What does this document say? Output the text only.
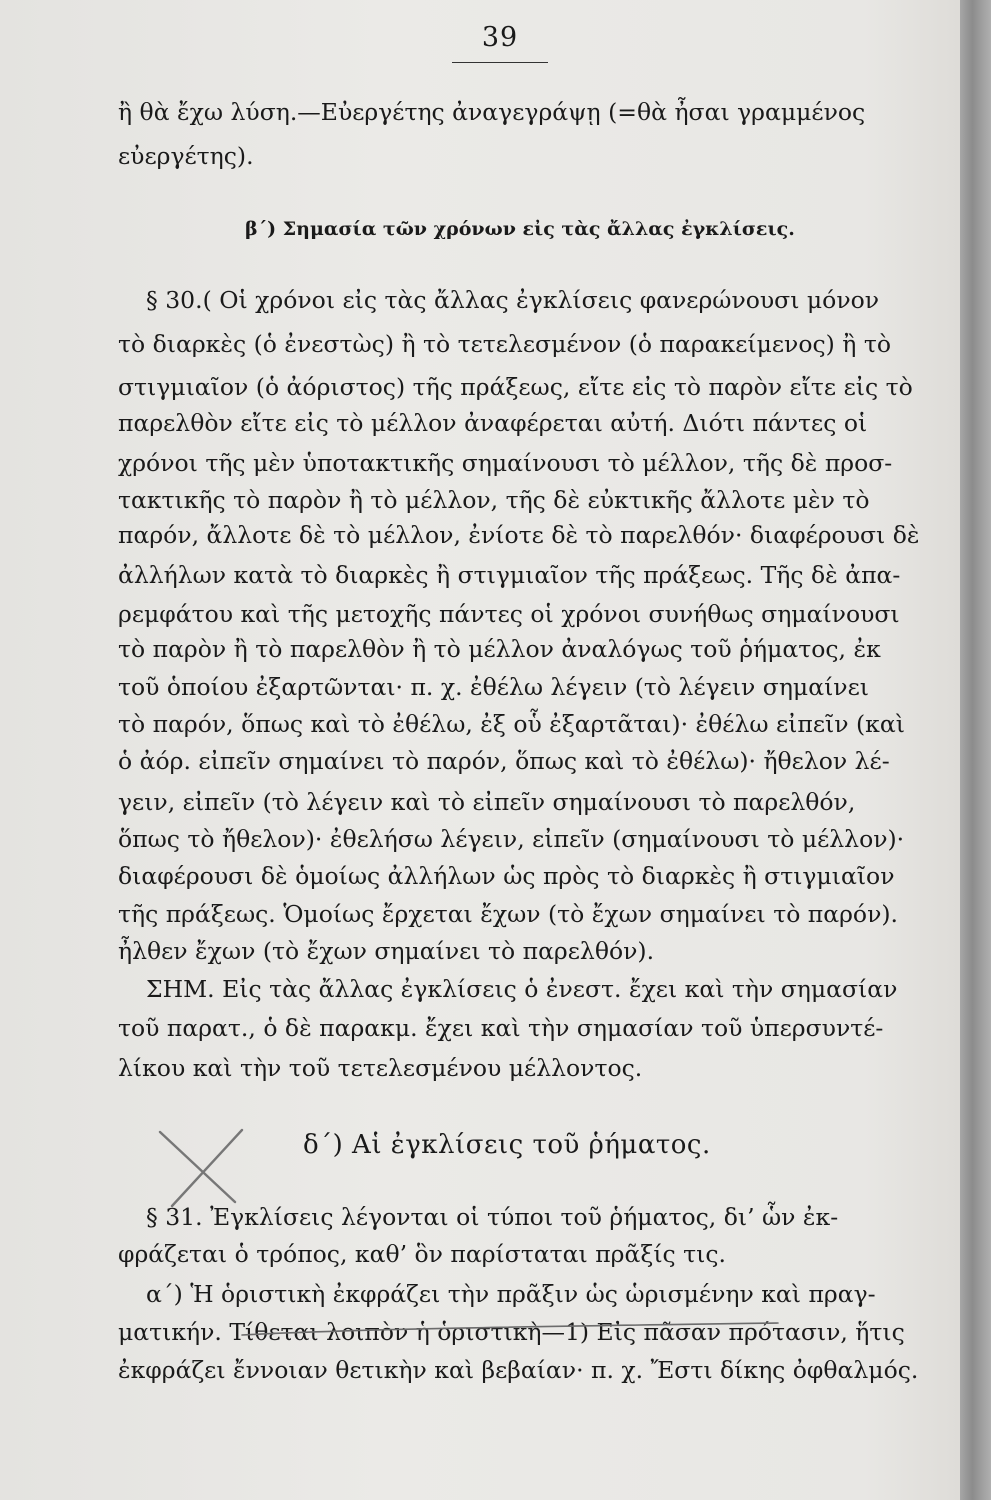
39
ἢ θὰ ἔχω λύση.—Εὐεργέτης ἀναγεγράψῃ (=θὰ ἦσαι γραμμένος
εὐεργέτης).
β´) Σημασία τῶν χρόνων εἰς τὰς ἄλλας ἐγκλίσεις.
§ 30.( Οἱ χρόνοι εἰς τὰς ἄλλας ἐγκλίσεις φανερώνουσι μόνον
τὸ διαρκὲς (ὁ ἐνεστὼς) ἢ τὸ τετελεσμένον (ὁ παρακείμενος) ἢ τὸ
στιγμιαῖον (ὁ ἀόριστος) τῆς πράξεως, εἴτε εἰς τὸ παρὸν εἴτε εἰς τὸ
παρελθὸν εἴτε εἰς τὸ μέλλον ἀναφέρεται αὐτή. Διότι πάντες οἱ
χρόνοι τῆς μὲν ὑποτακτικῆς σημαίνουσι τὸ μέλλον, τῆς δὲ προσ-
τακτικῆς τὸ παρὸν ἢ τὸ μέλλον, τῆς δὲ εὐκτικῆς ἄλλοτε μὲν τὸ
παρόν, ἄλλοτε δὲ τὸ μέλλον, ἐνίοτε δὲ τὸ παρελθόν· διαφέρουσι δὲ
ἀλλήλων κατὰ τὸ διαρκὲς ἢ στιγμιαῖον τῆς πράξεως. Τῆς δὲ ἀπα-
ρεμφάτου καὶ τῆς μετοχῆς πάντες οἱ χρόνοι συνήθως σημαίνουσι
τὸ παρὸν ἢ τὸ παρελθὸν ἢ τὸ μέλλον ἀναλόγως τοῦ ῥήματος, ἐκ
τοῦ ὁποίου ἐξαρτῶνται· π. χ. ἐθέλω λέγειν (τὸ λέγειν σημαίνει
τὸ παρόν, ὅπως καὶ τὸ ἐθέλω, ἐξ οὗ ἐξαρτᾶται)· ἐθέλω εἰπεῖν (καὶ
ὁ ἀόρ. εἰπεῖν σημαίνει τὸ παρόν, ὅπως καὶ τὸ ἐθέλω)· ἤθελον λέ-
γειν, εἰπεῖν (τὸ λέγειν καὶ τὸ εἰπεῖν σημαίνουσι τὸ παρελθόν,
ὅπως τὸ ἤθελον)· ἐθελήσω λέγειν, εἰπεῖν (σημαίνουσι τὸ μέλλον)·
διαφέρουσι δὲ ὁμοίως ἀλλήλων ὡς πρὸς τὸ διαρκὲς ἢ στιγμιαῖον
τῆς πράξεως. Ὁμοίως ἔρχεται ἔχων (τὸ ἔχων σημαίνει τὸ παρόν).
ἦλθεν ἔχων (τὸ ἔχων σημαίνει τὸ παρελθόν).
ΣΗΜ. Εἰς τὰς ἄλλας ἐγκλίσεις ὁ ἐνεστ. ἔχει καὶ τὴν σημασίαν
τοῦ παρατ., ὁ δὲ παρακμ. ἔχει καὶ τὴν σημασίαν τοῦ ὑπερσυντέ-
λίκου καὶ τὴν τοῦ τετελεσμένου μέλλοντος.
δ´) Αἱ ἐγκλίσεις τοῦ ῥήματος.
§ 31. Ἐγκλίσεις λέγονται οἱ τύποι τοῦ ῥήματος, δι’ ὧν ἐκ-
φράζεται ὁ τρόπος, καθ’ ὃν παρίσταται πρᾶξίς τις.
α´) Ἡ ὁριστικὴ ἐκφράζει τὴν πρᾶξιν ὡς ὡρισμένην καὶ πραγ-
ματικήν. Τίθεται λοιπὸν ἡ ὁριστικὴ—1) Εἰς πᾶσαν πρότασιν, ἥτις
ἐκφράζει ἔννοιαν θετικὴν καὶ βεβαίαν· π. χ. Ἔστι δίκης ὀφθαλμός.
